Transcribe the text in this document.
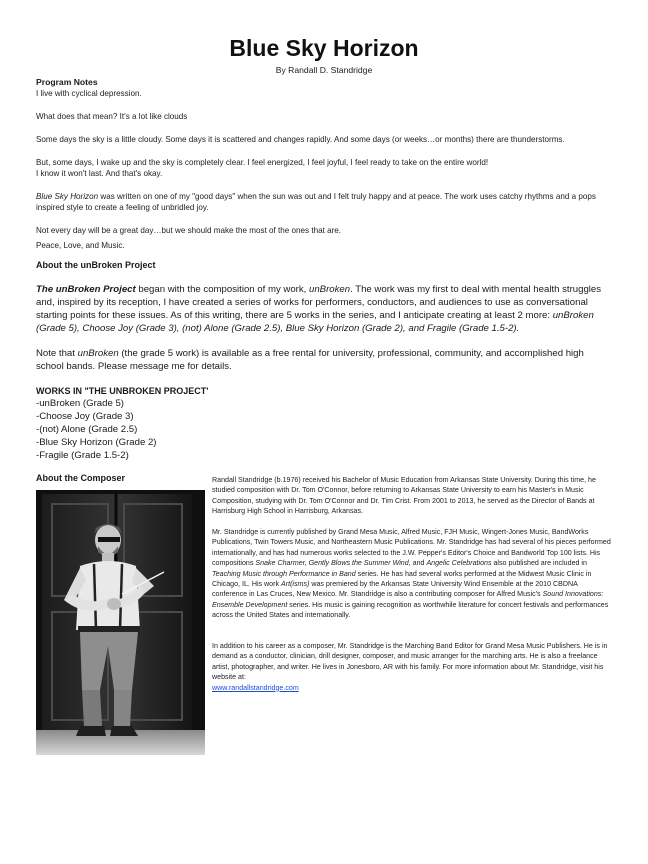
Blue Sky Horizon
By Randall D. Standridge
Program Notes

I live with cyclical depression.

What does that mean? It's a lot like clouds

Some days the sky is a little cloudy. Some days it is scattered and changes rapidly. And some days (or weeks…or months) there are thunderstorms.

But, some days, I wake up and the sky is completely clear. I feel energized, I feel joyful, I feel ready to take on the entire world!

I know it won't last. And that's okay.

Blue Sky Horizon was written on one of my "good days" when the sun was out and I felt truly happy and at peace. The work uses catchy rhythms and a pops inspired style to create a feeling of unbridled joy.

Not every day will be a great day…but we should make the most of the ones that are.

Peace, Love, and Music.

About the unBroken Project

The unBroken Project began with the composition of my work, unBroken. The work was my first to deal with mental health struggles and, inspired by its reception, I have created a series of works for performers, conductors, and audiences to use as conversational starting points for these issues. As of this writing, there are 5 works in the series, and I anticipate creating at least 2 more: unBroken (Grade 5), Choose Joy (Grade 3), (not) Alone (Grade 2.5), Blue Sky Horizon (Grade 2), and Fragile (Grade 1.5-2).

Note that unBroken (the grade 5 work) is available as a free rental for university, professional, community, and accomplished high school bands. Please message me for details.

WORKS IN "THE UNBROKEN PROJECT'
-unBroken (Grade 5)
-Choose Joy (Grade 3)
-(not) Alone (Grade 2.5)
-Blue Sky Horizon (Grade 2)
-Fragile (Grade 1.5-2)
About the Composer	Randall Standridge (b.1976) received his Bachelor of Music Education from Arkansas State University. During this time, he studied composition with Dr. Tom O'Connor, before returning to Arkansas State University to earn his Master's in Music Composition, studying with Dr. Tom O'Connor and Dr. Tim Crist. From 2001 to 2013, he served as the Director of Bands at Harrisburg High School in Harrisburg, Arkansas.

Mr. Standridge is currently published by Grand Mesa Music, Alfred Music, FJH Music, Wingert-Jones Music, BandWorks Publications, Twin Towers Music, and Northeastern Music Publications. Mr. Standridge has had several of his pieces performed internationally, and has had numerous works selected to the J.W. Pepper's Editor's Choice and Bandworld Top 100 lists. His compositions Snake Charmer, Gently Blows the Summer Wind, and Angelic Celebrations also published are included in Teaching Music through Performance in Band series. He has had several works performed at the Midwest Music Clinic in Chicago, IL. His work Art(isms) was premiered by the Arkansas State University Wind Ensemble at the 2010 CBDNA conference in Las Cruces, New Mexico. Mr. Standridge is also a contributing composer for Alfred Music's Sound Innovations: Ensemble Development series. His music is gaining recognition as worthwhile literature for concert festivals and performances across the United States and internationally.

In addition to his career as a composer, Mr. Standridge is the Marching Band Editor for Grand Mesa Music Publishers. He is in demand as a conductor, clinician, drill designer, composer, and music arranger for the marching arts. He is also a freelance artist, photographer, and writer. He lives in Jonesboro, AR with his family. For more information about Mr. Standridge, visit his website at:
www.randallstandridge.com
